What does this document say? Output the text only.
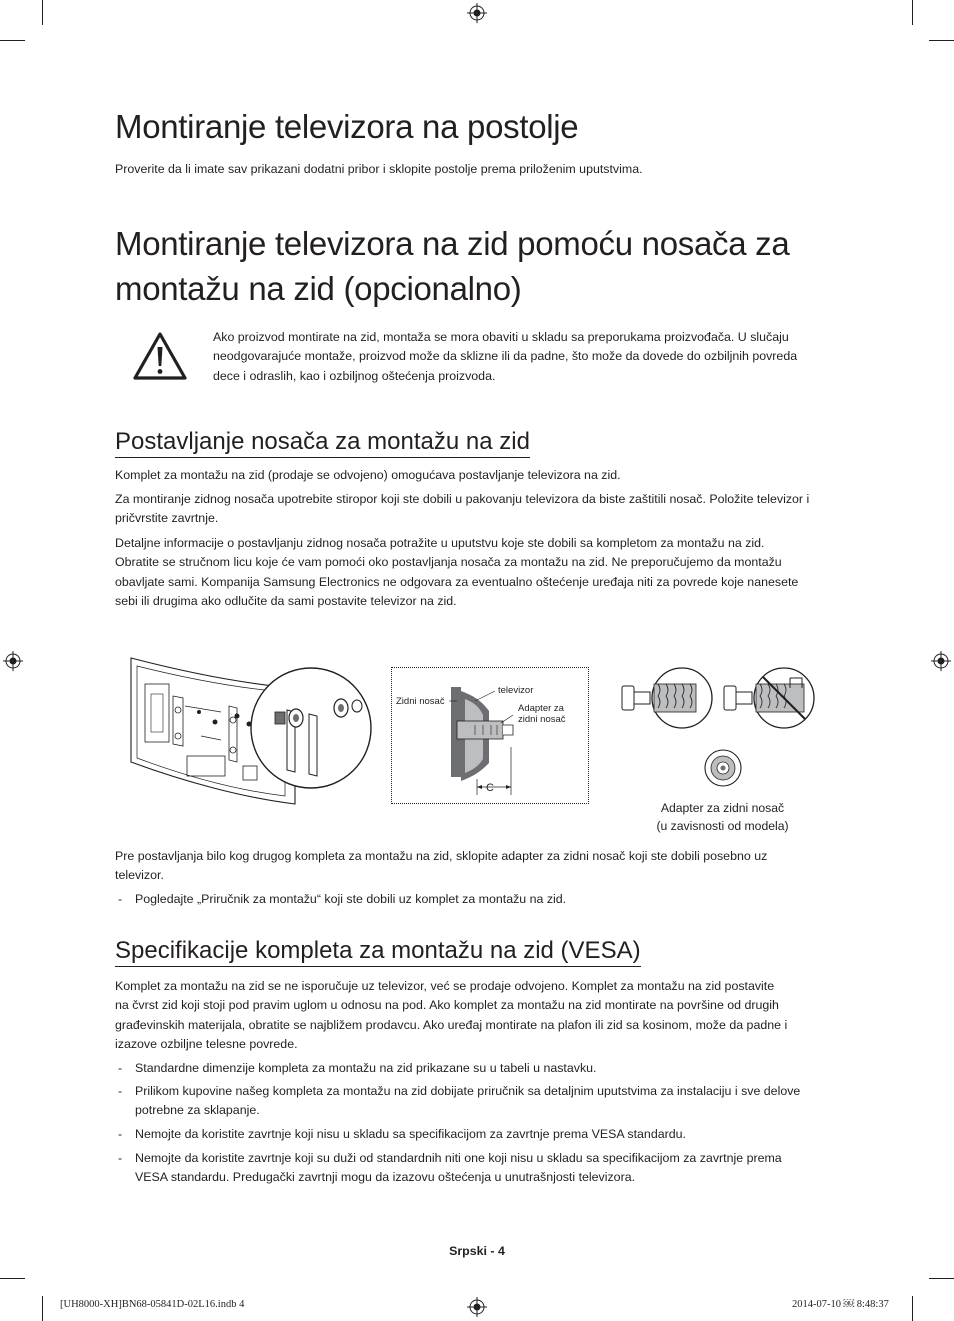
Montiranje televizora na postolje
Proverite da li imate sav prikazani dodatni pribor i sklopite postolje prema priloženim uputstvima.
Montiranje televizora na zid pomoću nosača za
montažu na zid (opcionalno)
Ako proizvod montirate na zid, montaža se mora obaviti u skladu sa preporukama proizvođača. U slučaju
neodgovarajuće montaže, proizvod može da sklizne ili da padne, što može da dovede do ozbiljnih povreda
dece i odraslih, kao i ozbiljnog oštećenja proizvoda.
Postavljanje nosača za montažu na zid
Komplet za montažu na zid (prodaje se odvojeno) omogućava postavljanje televizora na zid.
Za montiranje zidnog nosača upotrebite stiropor koji ste dobili u pakovanju televizora da biste zaštitili nosač. Položite televizor i
pričvrstite zavrtnje.
Detaljne informacije o postavljanju zidnog nosača potražite u uputstvu koje ste dobili sa kompletom za montažu na zid.
Obratite se stručnom licu koje će vam pomoći oko postavljanja nosača za montažu na zid. Ne preporučujemo da montažu
obavljate sami. Kompanija Samsung Electronics ne odgovara za eventualno oštećenje uređaja niti za povrede koje nanesete
sebi ili drugima ako odlučite da sami postavite televizor na zid.
Zidni nosač
televizor
Adapter za
zidni nosač
C
Adapter za zidni nosač
(u zavisnosti od modela)
Pre postavljanja bilo kog drugog kompleta za montažu na zid, sklopite adapter za zidni nosač koji ste dobili posebno uz
televizor.
- Pogledajte „Priručnik za montažu“ koji ste dobili uz komplet za montažu na zid.
Specifikacije kompleta za montažu na zid (VESA)
Komplet za montažu na zid se ne isporučuje uz televizor, već se prodaje odvojeno. Komplet za montažu na zid postavite
na čvrst zid koji stoji pod pravim uglom u odnosu na pod. Ako komplet za montažu na zid montirate na površine od drugih
građevinskih materijala, obratite se najbližem prodavcu. Ako uređaj montirate na plafon ili zid sa kosinom, može da padne i
izazove ozbiljne telesne povrede.
- Standardne dimenzije kompleta za montažu na zid prikazane su u tabeli u nastavku.
- Prilikom kupovine našeg kompleta za montažu na zid dobijate priručnik sa detaljnim uputstvima za instalaciju i sve delove
potrebne za sklapanje.
- Nemojte da koristite zavrtnje koji nisu u skladu sa specifikacijom za zavrtnje prema VESA standardu.
- Nemojte da koristite zavrtnje koji su duži od standardnih niti one koji nisu u skladu sa specifikacijom za zavrtnje prema
VESA standardu. Predugački zavrtnji mogu da izazovu oštećenja u unutrašnjosti televizora.
Srpski - 4
[UH8000-XH]BN68-05841D-02L16.indb 4	2014-07-10 ￼ 8:48:37
